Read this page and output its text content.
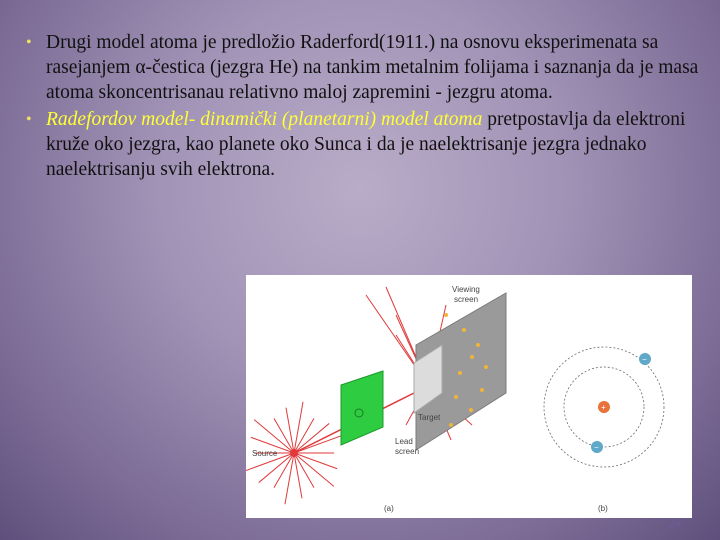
• Drugi model atoma je predložio Raderford(1911.) na osnovu eksperimenata sa rasejanjem α-čestica (jezgra He) na tankim metalnim folijama i saznanja da je masa atoma skoncentrisanau relativno maloj zapremini - jezgru atoma.
• Radefordov model- dinamički (planetarni) model atoma pretpostavlja da elektroni kruže oko jezgra, kao planete oko Sunca i da je naelektrisanje jezgra jednako naelektrisanju svih elektrona.
Viewing
screen
Target
Lead
screen
Source
(a)	(b)
+
−
−
24
